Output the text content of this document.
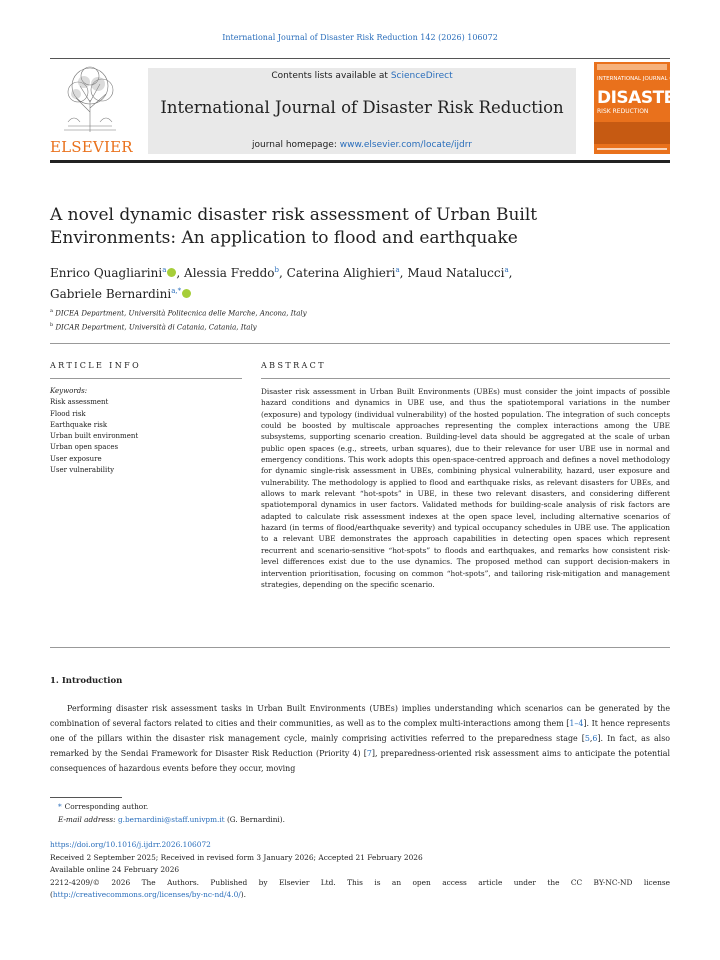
International Journal of Disaster Risk Reduction 142 (2026) 106072
ELSEVIER
Contents lists available at ScienceDirect
International Journal of Disaster Risk Reduction
journal homepage: www.elsevier.com/locate/ijdrr
INTERNATIONAL JOURNAL OF
DISASTER
RISK REDUCTION
A novel dynamic disaster risk assessment of Urban Built
Environments: An application to flood and earthquake
Enrico Quagliarini$^a$ , Alessia Freddo$^b$, Caterina Alighieri$^a$, Maud Natalucci$^a$,
Gabriele Bernardini$^{a,*}$
$^a$ DICEA Department, Università Politecnica delle Marche, Ancona, Italy
$^b$ DICAR Department, Università di Catania, Catania, Italy
ARTICLE INFO	ABSTRACT
Keywords:
Risk assessment
Flood risk
Earthquake risk
Urban built environment
Urban open spaces
User exposure
User vulnerability
Disaster risk assessment in Urban Built Environments (UBEs) must consider the joint impacts of possible hazard conditions and dynamics in UBE use, and thus the spatiotemporal variations in the number (exposure) and typology (individual vulnerability) of the hosted population. The integration of such concepts could be boosted by multiscale approaches representing the complex interactions among the UBE subsystems, supporting scenario creation. Building-level data should be aggregated at the scale of urban public open spaces (e.g., streets, urban squares), due to their relevance for user UBE use in normal and emergency conditions. This work adopts this open-space-centred approach and defines a novel methodology for dynamic single-risk assessment in UBEs, combining physical vulnerability, hazard, user exposure and vulnerability. The methodology is applied to flood and earthquake risks, as relevant disasters for UBEs, and allows to mark relevant “hot-spots” in UBE, in these two relevant disasters, and considering different spatiotemporal dynamics in user factors. Validated methods for building-scale analysis of risk factors are adapted to calculate risk assessment indexes at the open space level, including alternative scenarios of hazard (in terms of flood/earthquake severity) and typical occupancy schedules in UBE use. The application to a relevant UBE demonstrates the approach capabilities in detecting open spaces which represent recurrent and scenario-sensitive “hot-spots” to floods and earthquakes, and remarks how consistent risk-level differences exist due to the use dynamics. The proposed method can support decision-makers in intervention prioritisation, focusing on common “hot-spots”, and tailoring risk-mitigation and management strategies, depending on the specific scenario.
1. Introduction
Performing disaster risk assessment tasks in Urban Built Environments (UBEs) implies understanding which scenarios can be generated by the combination of several factors related to cities and their communities, as well as to the complex multi-interactions among them [1–4]. It hence represents one of the pillars within the disaster risk management cycle, mainly comprising activities referred to the preparedness stage [5,6]. In fact, as also remarked by the Sendai Framework for Disaster Risk Reduction (Priority 4) [7], preparedness-oriented risk assessment aims to anticipate the potential consequences of hazardous events before they occur, moving
* Corresponding author.
E-mail address: g.bernardini@staff.univpm.it (G. Bernardini).
https://doi.org/10.1016/j.ijdrr.2026.106072
Received 2 September 2025; Received in revised form 3 January 2026; Accepted 21 February 2026
Available online 24 February 2026
2212-4209/© 2026 The Authors. Published by Elsevier Ltd. This is an open access article under the CC BY-NC-ND license
(http://creativecommons.org/licenses/by-nc-nd/4.0/).
